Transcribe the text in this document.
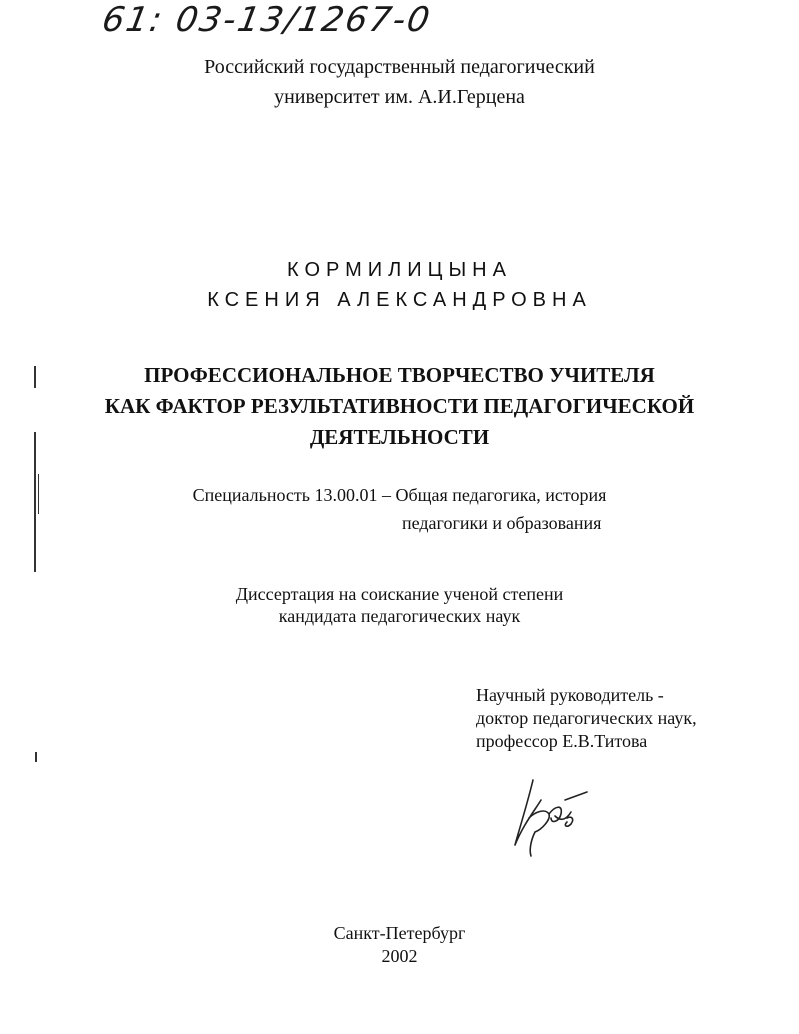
61: 03-13/1267-0
Российский государственный педагогический
университет им. А.И.Герцена
КОРМИЛИЦЫНА
КСЕНИЯ АЛЕКСАНДРОВНА
ПРОФЕССИОНАЛЬНОЕ ТВОРЧЕСТВО УЧИТЕЛЯ
КАК ФАКТОР РЕЗУЛЬТАТИВНОСТИ ПЕДАГОГИЧЕСКОЙ
ДЕЯТЕЛЬНОСТИ
Специальность 13.00.01 – Общая педагогика, история
педагогики и образования
Диссертация на соискание ученой степени
кандидата педагогических наук
Научный руководитель -
доктор педагогических наук,
профессор Е.В.Титова
Санкт-Петербург
2002
